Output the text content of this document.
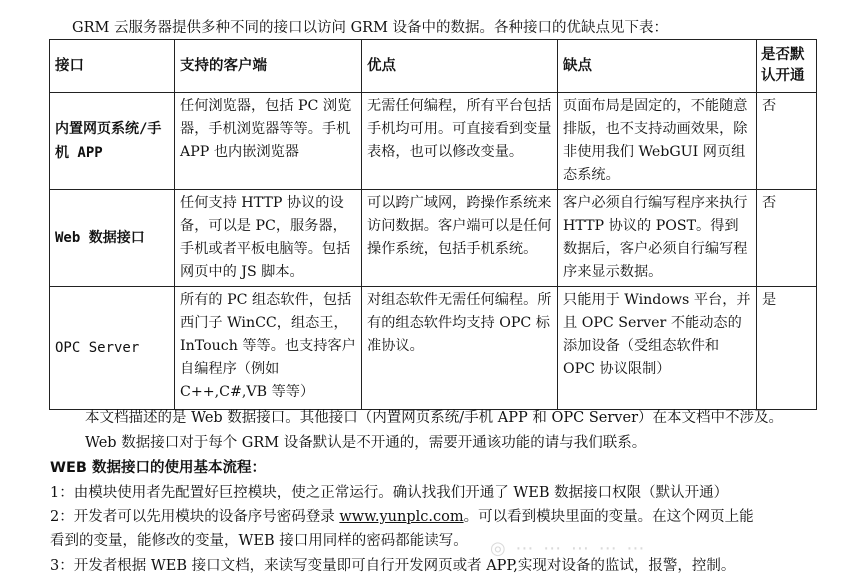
GRM 云服务器提供多种不同的接口以访问 GRM 设备中的数据。各种接口的优缺点见下表：
接口	支持的客户端	优点	缺点	是否默认开通
内置网页系统/手机 APP	任何浏览器，包括 PC 浏览器，手机浏览器等等。手机 APP 也内嵌浏览器	无需任何编程，所有平台包括手机均可用。可直接看到变量表格，也可以修改变量。	页面布局是固定的，不能随意排版，也不支持动画效果，除非使用我们 WebGUI 网页组态系统。	否
Web 数据接口	任何支持 HTTP 协议的设备，可以是 PC，服务器，手机或者平板电脑等。包括网页中的 JS 脚本。	可以跨广域网，跨操作系统来访问数据。客户端可以是任何操作系统，包括手机系统。	客户必须自行编写程序来执行 HTTP 协议的 POST。得到数据后，客户必须自行编写程序来显示数据。	否
OPC Server	所有的 PC 组态软件，包括西门子 WinCC，组态王，InTouch 等等。也支持客户自编程序（例如 C++,C#,VB 等等）	对组态软件无需任何编程。所有的组态软件均支持 OPC 标准协议。	只能用于 Windows 平台，并且 OPC Server 不能动态的添加设备（受组态软件和 OPC 协议限制）	是
本文档描述的是 Web 数据接口。其他接口（内置网页系统/手机 APP 和 OPC Server）在本文档中不涉及。
Web 数据接口对于每个 GRM 设备默认是不开通的，需要开通该功能的请与我们联系。
WEB 数据接口的使用基本流程：
1：由模块使用者先配置好巨控模块，使之正常运行。确认找我们开通了 WEB 数据接口权限（默认开通）
2：开发者可以先用模块的设备序号密码登录 www.yunplc.com。可以看到模块里面的变量。在这个网页上能
看到的变量，能修改的变量，WEB 接口用同样的密码都能读写。
3：开发者根据 WEB 接口文档，来读写变量即可自行开发网页或者 APP,实现对设备的监试，报警，控制。
◎ ⋯ ⋯ ⋯ ⋯ ⋯
